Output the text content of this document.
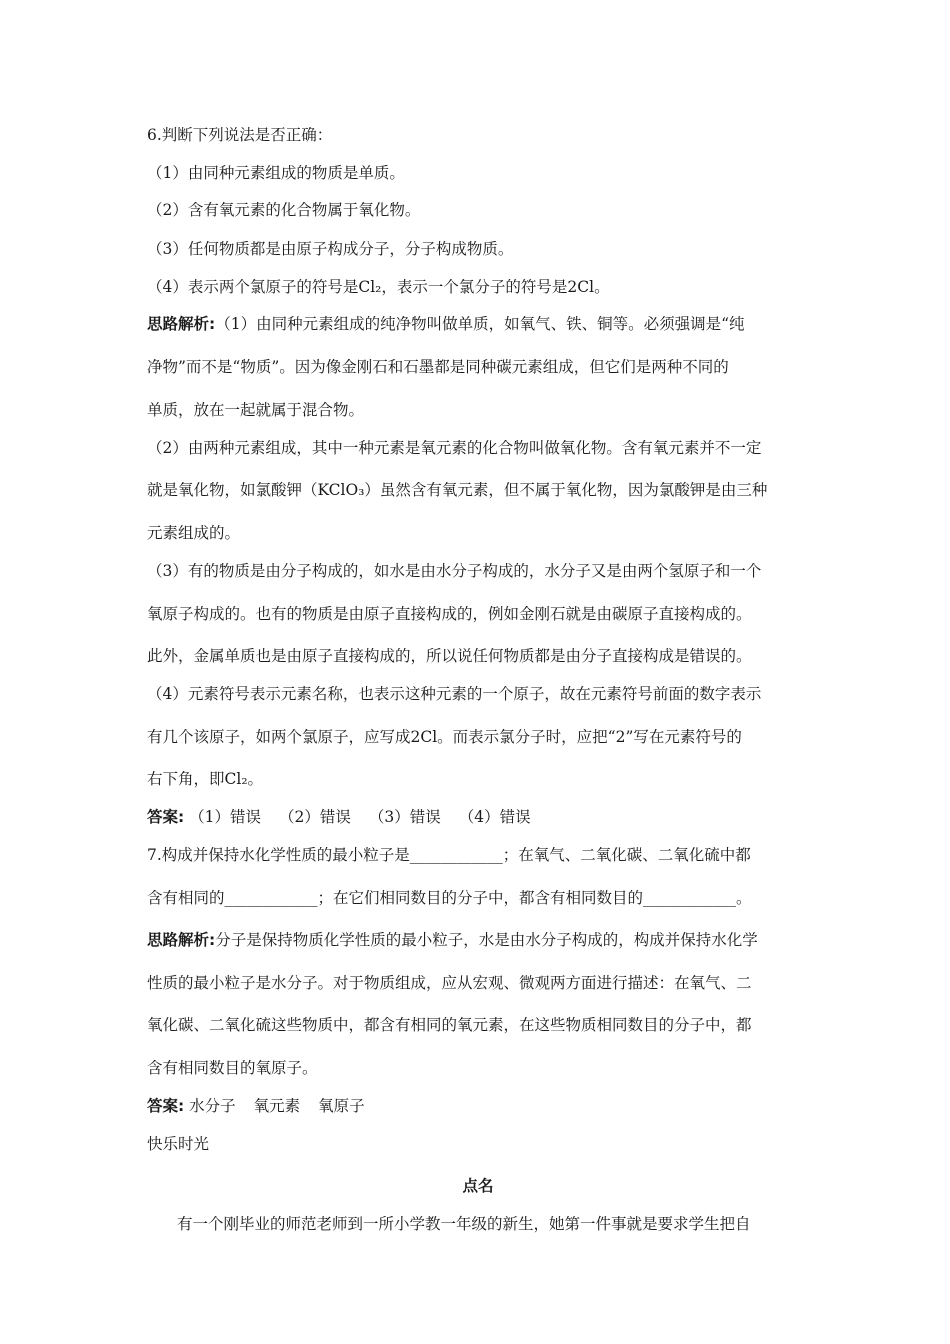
6.判断下列说法是否正确：
（1）由同种元素组成的物质是单质。
（2）含有氧元素的化合物属于氧化物。
（3）任何物质都是由原子构成分子，分子构成物质。
（4）表示两个氯原子的符号是Cl₂，表示一个氯分子的符号是2Cl。
思路解析:（1）由同种元素组成的纯净物叫做单质，如氧气、铁、铜等。必须强调是“纯
净物”而不是“物质”。因为像金刚石和石墨都是同种碳元素组成，但它们是两种不同的
单质，放在一起就属于混合物。
（2）由两种元素组成，其中一种元素是氧元素的化合物叫做氧化物。含有氧元素并不一定
就是氧化物，如氯酸钾（KClO₃）虽然含有氧元素，但不属于氧化物，因为氯酸钾是由三种
元素组成的。
（3）有的物质是由分子构成的，如水是由水分子构成的，水分子又是由两个氢原子和一个
氧原子构成的。也有的物质是由原子直接构成的，例如金刚石就是由碳原子直接构成的。
此外，金属单质也是由原子直接构成的，所以说任何物质都是由分子直接构成是错误的。
（4）元素符号表示元素名称，也表示这种元素的一个原子，故在元素符号前面的数字表示
有几个该原子，如两个氯原子，应写成2Cl。而表示氯分子时，应把“2”写在元素符号的
右下角，即Cl₂。
答案: （1）错误 （2）错误 （3）错误 （4）错误
7.构成并保持水化学性质的最小粒子是____________；在氧气、二氧化碳、二氧化硫中都
含有相同的____________；在它们相同数目的分子中，都含有相同数目的____________。
思路解析:分子是保持物质化学性质的最小粒子，水是由水分子构成的，构成并保持水化学
性质的最小粒子是水分子。对于物质组成，应从宏观、微观两方面进行描述：在氧气、二
氧化碳、二氧化硫这些物质中，都含有相同的氧元素，在这些物质相同数目的分子中，都
含有相同数目的氧原子。
答案: 水分子 氧元素 氧原子
快乐时光
点名
有一个刚毕业的师范老师到一所小学教一年级的新生，她第一件事就是要求学生把自
